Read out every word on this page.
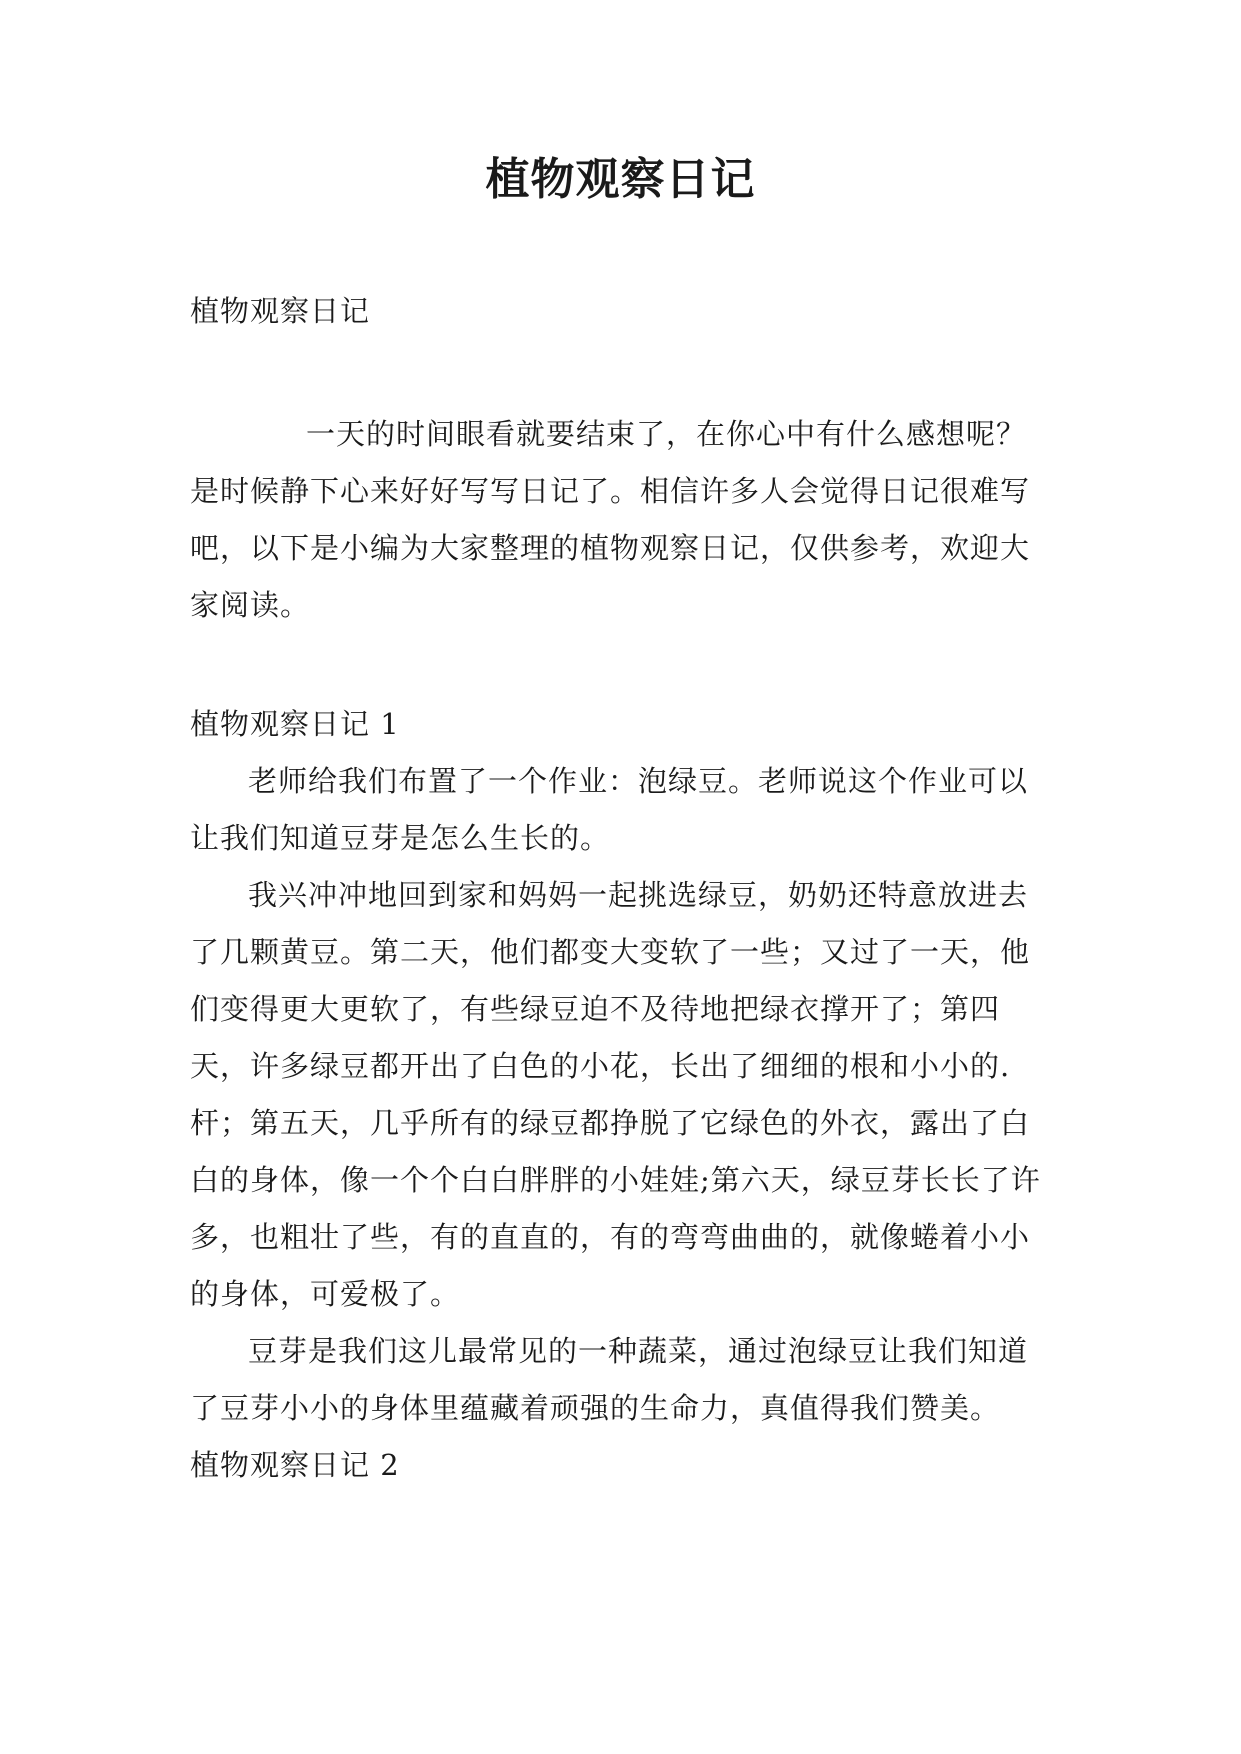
植物观察日记

植物观察日记

一天的时间眼看就要结束了，在你心中有什么感想呢？是时候静下心来好好写写日记了。相信许多人会觉得日记很难写吧，以下是小编为大家整理的植物观察日记，仅供参考，欢迎大家阅读。

植物观察日记 1

老师给我们布置了一个作业：泡绿豆。老师说这个作业可以让我们知道豆芽是怎么生长的。

我兴冲冲地回到家和妈妈一起挑选绿豆，奶奶还特意放进去了几颗黄豆。第二天，他们都变大变软了一些；又过了一天，他们变得更大更软了，有些绿豆迫不及待地把绿衣撑开了；第四天，许多绿豆都开出了白色的小花，长出了细细的根和小小的.杆；第五天，几乎所有的绿豆都挣脱了它绿色的外衣，露出了白白的身体，像一个个白白胖胖的小娃娃;第六天，绿豆芽长长了许多，也粗壮了些，有的直直的，有的弯弯曲曲的，就像蜷着小小的身体，可爱极了。

豆芽是我们这儿最常见的一种蔬菜，通过泡绿豆让我们知道了豆芽小小的身体里蕴藏着顽强的生命力，真值得我们赞美。

植物观察日记 2
